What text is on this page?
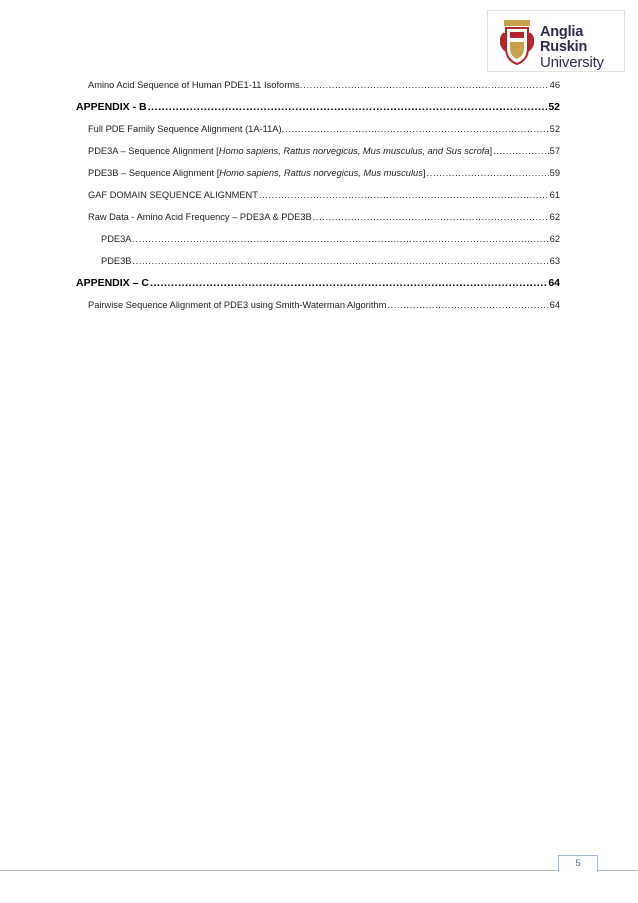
Anglia Ruskin
University
Amino Acid Sequence of Human PDE1-11 Isoforms. .....	46
APPENDIX - B .....	52
Full PDE Family Sequence Alignment (1A-11A). .....	52
PDE3A – Sequence Alignment [Homo sapiens, Rattus norvegicus, Mus musculus, and Sus scrofa] .....	57
PDE3B – Sequence Alignment [Homo sapiens, Rattus norvegicus, Mus musculus] .....	59
GAF DOMAIN SEQUENCE ALIGNMENT .....	61
Raw Data - Amino Acid Frequency – PDE3A & PDE3B .....	62
PDE3A .....	62
PDE3B .....	63
APPENDIX – C .....	64
Pairwise Sequence Alignment of PDE3 using Smith-Waterman Algorithm .....	64
5
